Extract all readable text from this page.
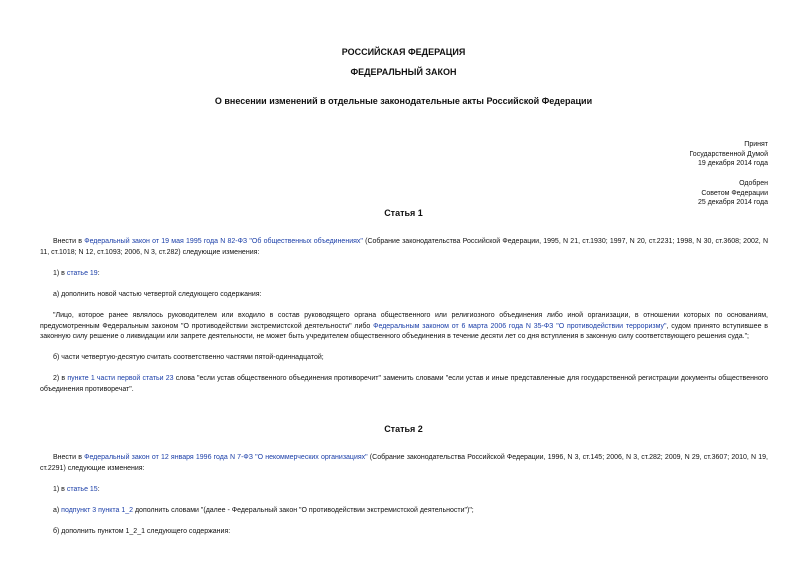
РОССИЙСКАЯ ФЕДЕРАЦИЯ
ФЕДЕРАЛЬНЫЙ ЗАКОН
О внесении изменений в отдельные законодательные акты Российской Федерации
Принят
Государственной Думой
19 декабря 2014 года
Одобрен
Советом Федерации
25 декабря 2014 года
Статья 1
Внести в Федеральный закон от 19 мая 1995 года N 82-ФЗ "Об общественных объединениях" (Собрание законодательства Российской Федерации, 1995, N 21, ст.1930; 1997, N 20, ст.2231; 1998, N 30, ст.3608; 2002, N 11, ст.1018; N 12, ст.1093; 2006, N 3, ст.282) следующие изменения:
1) в статье 19:
а) дополнить новой частью четвертой следующего содержания:
"Лицо, которое ранее являлось руководителем или входило в состав руководящего органа общественного или религиозного объединения либо иной организации, в отношении которых по основаниям, предусмотренным Федеральным законом "О противодействии экстремистской деятельности" либо Федеральным законом от 6 марта 2006 года N 35-ФЗ "О противодействии терроризму", судом принято вступившее в законную силу решение о ликвидации или запрете деятельности, не может быть учредителем общественного объединения в течение десяти лет со дня вступления в законную силу соответствующего решения суда.";
б) части четвертую-десятую считать соответственно частями пятой-одиннадцатой;
2) в пункте 1 части первой статьи 23 слова "если устав общественного объединения противоречит" заменить словами "если устав и иные представленные для государственной регистрации документы общественного объединения противоречат".
Статья 2
Внести в Федеральный закон от 12 января 1996 года N 7-ФЗ "О некоммерческих организациях" (Собрание законодательства Российской Федерации, 1996, N 3, ст.145; 2006, N 3, ст.282; 2009, N 29, ст.3607; 2010, N 19, ст.2291) следующие изменения:
1) в статье 15:
а) подпункт 3 пункта 1_2 дополнить словами "(далее - Федеральный закон "О противодействии экстремистской деятельности")";
б) дополнить пунктом 1_2_1 следующего содержания:
